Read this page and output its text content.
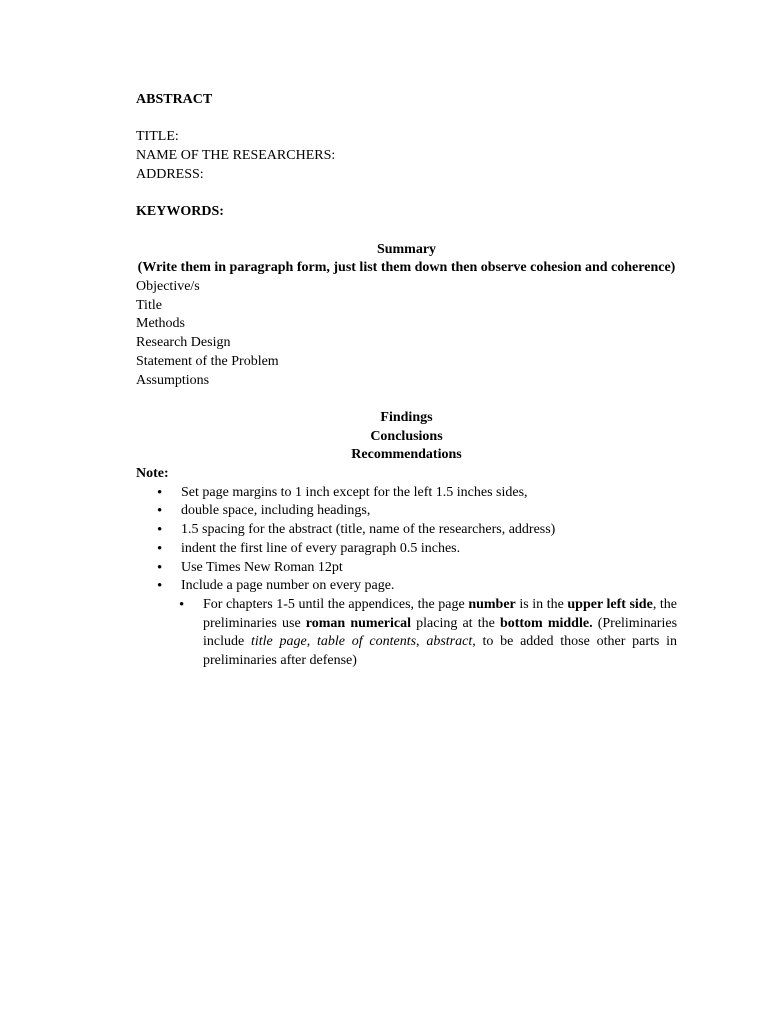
ABSTRACT
TITLE:
NAME OF THE RESEARCHERS:
ADDRESS:
KEYWORDS:
Summary
(Write them in paragraph form, just list them down then observe cohesion and coherence)
Objective/s
Title
Methods
Research Design
Statement of the Problem
Assumptions
Findings
Conclusions
Recommendations
Note:
• Set page margins to 1 inch except for the left 1.5 inches sides,
• double space, including headings,
• 1.5 spacing for the abstract (title, name of the researchers, address)
• indent the first line of every paragraph 0.5 inches.
• Use Times New Roman 12pt
• Include a page number on every page.
• For chapters 1-5 until the appendices, the page number is in the upper left side, the preliminaries use roman numerical placing at the bottom middle. (Preliminaries include title page, table of contents, abstract, to be added those other parts in preliminaries after defense)
